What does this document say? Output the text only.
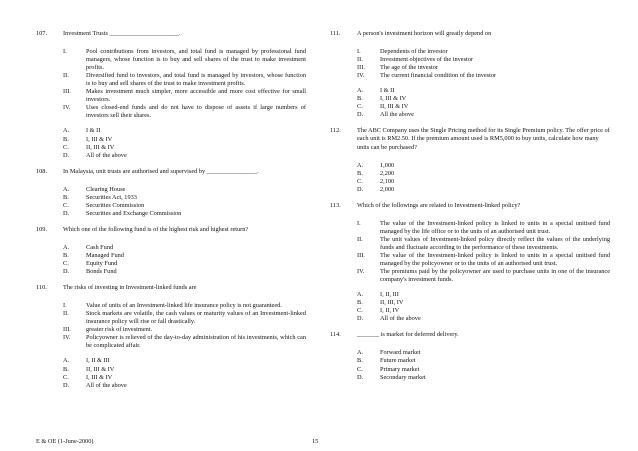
107.	Investment Trusts ______________________.
I.	Pool contributions from investors, and total fund is managed by professional fund managers, whose function is to buy and sell shares of the trust to make investment profits.
II.	Diversified fund to investors, and total fund is managed by investors, whose function is to buy and sell shares of the trust to make investment profits.
III.	Makes investment much simpler, more accessible and more cost effective for small investors.
IV.	Uses closed-end funds and do not have to dispose of assets if large numbers of investors sell their shares.
A.	I & II
B.	I, III & IV
C.	II, III & IV
D.	All of the above
108.	In Malaysia, unit trusts are authorised and supervised by ________________.
A.	Clearing House
B.	Securities Act, 1933
C.	Securities Commission
D.	Securities and Exchange Commission
109.	Which one of the following fund is of the highest risk and highest return?
A.	Cash Fund
B.	Managed Fund
C.	Equity Fund
D.	Bonds Fund
110.	The risks of investing in Investment-linked funds are
I.	Value of units of an Investment-linked life insurance policy is not guaranteed.
II.	Stock markets are volatile, the cash values or maturity values of an Investment-linked insurance policy will rise or fall drastically.
III.	greater risk of investment.
IV.	Policyowner is relieved of the day-to-day administration of his investments, which can be complicated affair.
A.	I, II & III
B.	II, III & IV
C.	I, III & IV
D.	All of the above
111.	A person's investment horizon will greatly depend on
I.	Dependents of the investor
II.	Investment objectives of the investor
III.	The age of the investor
IV.	The current financial condition of the investor
A.	I & II
B.	I, III & IV
C.	II, III & IV
D.	All the above
112.	The ABC Company uses the Single Pricing method for its Single Premium policy. The offer price of each unit is RM2.50. If the premium amount used is RM5,000 to buy units, calculate how many units can be purchased?
A.	1,000
B.	2,200
C.	2,100
D.	2,000
113.	Which of the followings are related to Investment-linked policy?
I.	The value of the Investment-linked policy is linked to units in a special unitised fund managed by the life office or to the units of an authorised unit trust.
II.	The unit values of Investment-linked policy directly reflect the values of the underlying funds and fluctuate according to the performance of these investments.
III.	The value of the Investment-linked policy is linked to units in a special unitised fund managed by the policyowner or to the units of an authorised unit trust.
IV.	The premiums paid by the policyowner are used to purchase units in one of the insurance company's investment funds.
A.	I, II, III
B.	II, III, IV
C.	I, II, IV
D.	All of the above
114.	_______ is market for deferred delivery.
A.	Forward market
B.	Future market
C.	Primary market
D.	Secondary market
E & OE (1-June-2000)	15
